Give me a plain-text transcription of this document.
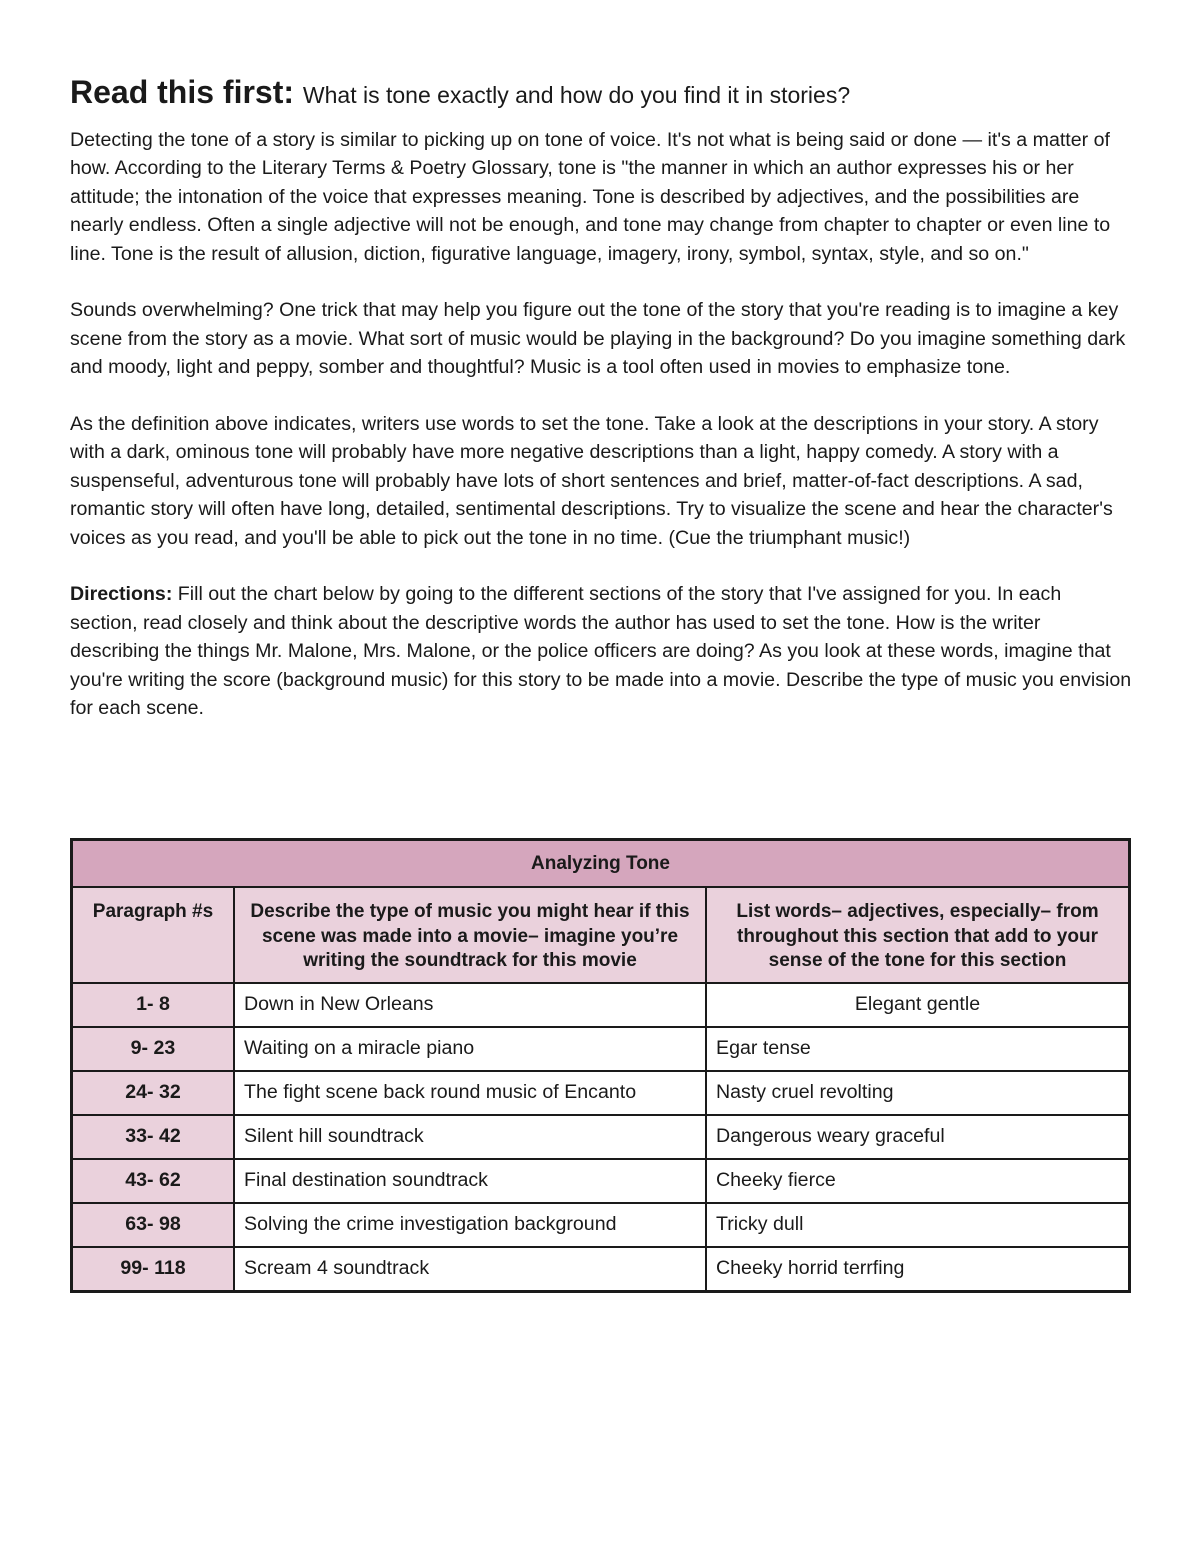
Read this first: What is tone exactly and how do you find it in stories?

Detecting the tone of a story is similar to picking up on tone of voice. It's not what is being said or done — it's a matter of how. According to the Literary Terms & Poetry Glossary, tone is "the manner in which an author expresses his or her attitude; the intonation of the voice that expresses meaning. Tone is described by adjectives, and the possibilities are nearly endless. Often a single adjective will not be enough, and tone may change from chapter to chapter or even line to line. Tone is the result of allusion, diction, figurative language, imagery, irony, symbol, syntax, style, and so on."

Sounds overwhelming? One trick that may help you figure out the tone of the story that you're reading is to imagine a key scene from the story as a movie. What sort of music would be playing in the background? Do you imagine something dark and moody, light and peppy, somber and thoughtful? Music is a tool often used in movies to emphasize tone.

As the definition above indicates, writers use words to set the tone. Take a look at the descriptions in your story. A story with a dark, ominous tone will probably have more negative descriptions than a light, happy comedy. A story with a suspenseful, adventurous tone will probably have lots of short sentences and brief, matter-of-fact descriptions. A sad, romantic story will often have long, detailed, sentimental descriptions. Try to visualize the scene and hear the character's voices as you read, and you'll be able to pick out the tone in no time. (Cue the triumphant music!)

Directions: Fill out the chart below by going to the different sections of the story that I've assigned for you. In each section, read closely and think about the descriptive words the author has used to set the tone. How is the writer describing the things Mr. Malone, Mrs. Malone, or the police officers are doing? As you look at these words, imagine that you're writing the score (background music) for this story to be made into a movie. Describe the type of music you envision for each scene.

Analyzing Tone		
Paragraph #s	Describe the type of music you might hear if this scene was made into a movie– imagine you’re writing the soundtrack for this movie	List words– adjectives, especially– from throughout this section that add to your sense of the tone for this section
1- 8	Down in New Orleans	Elegant gentle
9- 23	Waiting on a miracle piano	Egar tense
24- 32	The fight scene back round music of Encanto	Nasty cruel revolting
33- 42	Silent hill soundtrack	Dangerous weary graceful
43- 62	Final destination soundtrack	Cheeky fierce
63- 98	Solving the crime investigation background	Tricky dull
99- 118	Scream 4 soundtrack	Cheeky horrid terrfing
